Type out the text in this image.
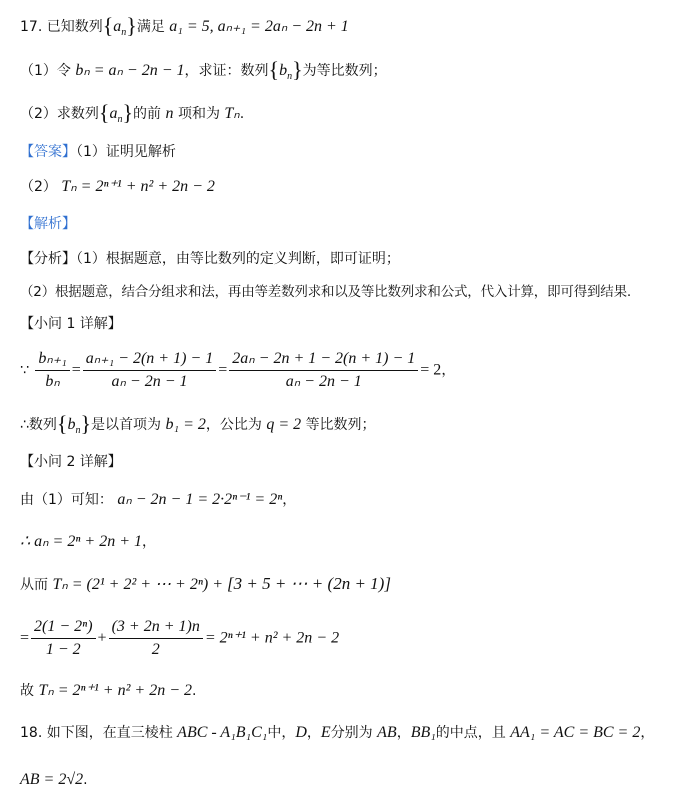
17. 已知数列$\{a_n\}$满足 a₁ = 5, aₙ₊₁ = 2aₙ − 2n + 1
（1）令 bₙ = aₙ − 2n − 1，求证：数列$\{b_n\}$为等比数列；
（2）求数列$\{a_n\}$的前 n 项和为 Tₙ.
【答案】（1）证明见解析
（2） Tₙ = 2ⁿ⁺¹ + n² + 2n − 2
【解析】
【分析】（1）根据题意，由等比数列的定义判断，即可证明；
（2）根据题意，结合分组求和法，再由等差数列求和以及等比数列求和公式，代入计算，即可得到结果.
【小问 1 详解】
∵ $\frac{\text{bₙ₊₁}}{\text{bₙ}} = \frac{\text{aₙ₊₁ − 2(n + 1) − 1}}{\text{aₙ − 2n − 1}} = \frac{\text{2aₙ − 2n + 1 − 2(n + 1) − 1}}{\text{aₙ − 2n − 1}} = 2$，
∴数列$\{b_n\}$是以首项为 b₁ = 2，公比为 q = 2 等比数列；
【小问 2 详解】
由（1）可知： aₙ − 2n − 1 = 2·2ⁿ⁻¹ = 2ⁿ，
∴ aₙ = 2ⁿ + 2n + 1，
从而 Tₙ = (2¹ + 2² + ⋯ + 2ⁿ) + [3 + 5 + ⋯ + (2n + 1)]
= $\frac{\text{2(1 − 2ⁿ)}}{1 - 2} + \frac{(3 + 2n + 1)n}{2} = 2^{n+1} + n^2 + 2n - 2$
故 Tₙ = 2ⁿ⁺¹ + n² + 2n − 2.
18. 如下图，在直三棱柱 ABC - A₁B₁C₁中，D，E分别为 AB，BB₁的中点，且 AA₁ = AC = BC = 2，
AB = 2√2.
